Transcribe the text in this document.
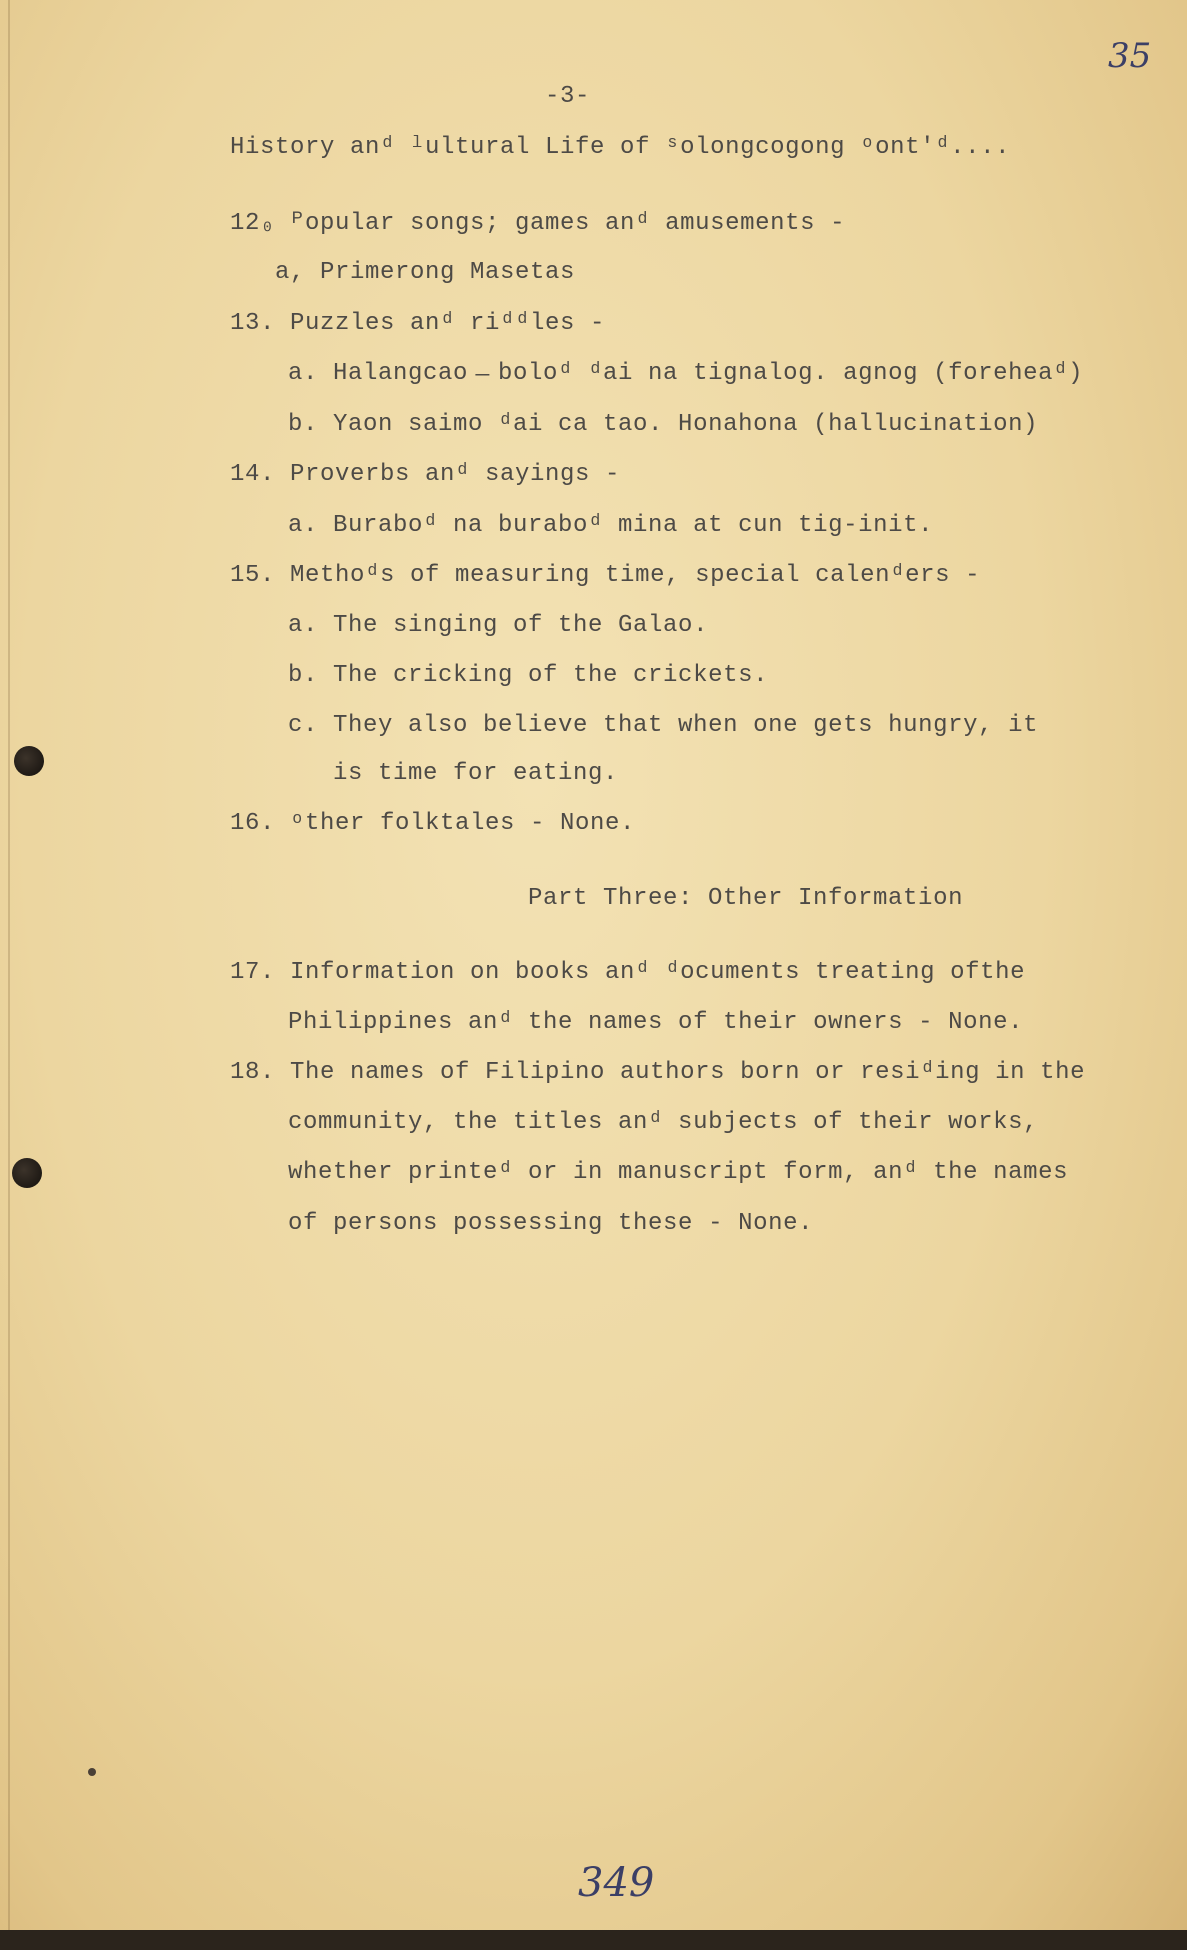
35
-3-
History anᵈ ˡultural Life of ˢolongcogong ᵒont'ᵈ....
12₀ ᴾopular songs; games anᵈ amusements -
a, Primerong Masetas
13. Puzzles anᵈ riᵈᵈles -
a. Halangcao ̶ boloᵈ ᵈai na tignalog. agnog (foreheaᵈ)
b. Yaon saimo ᵈai ca tao. Honahona (hallucination)
14. Proverbs anᵈ sayings -
a. Buraboᵈ na buraboᵈ mina at cun tig-init.
15. Methoᵈs of measuring time, special calenᵈers -
a. The singing of the Galao.
b. The cricking of the crickets.
c. They also believe that when one gets hungry, it
is time for eating.
16. ᵒther folktales - None.
Part Three: Other Information
17. Information on books anᵈ ᵈocuments treating ofthe
Philippines anᵈ the names of their owners - None.
18. The names of Filipino authors born or resiᵈing in the
community, the titles anᵈ subjects of their works,
whether printeᵈ or in manuscript form, anᵈ the names
of persons possessing these - None.
349
